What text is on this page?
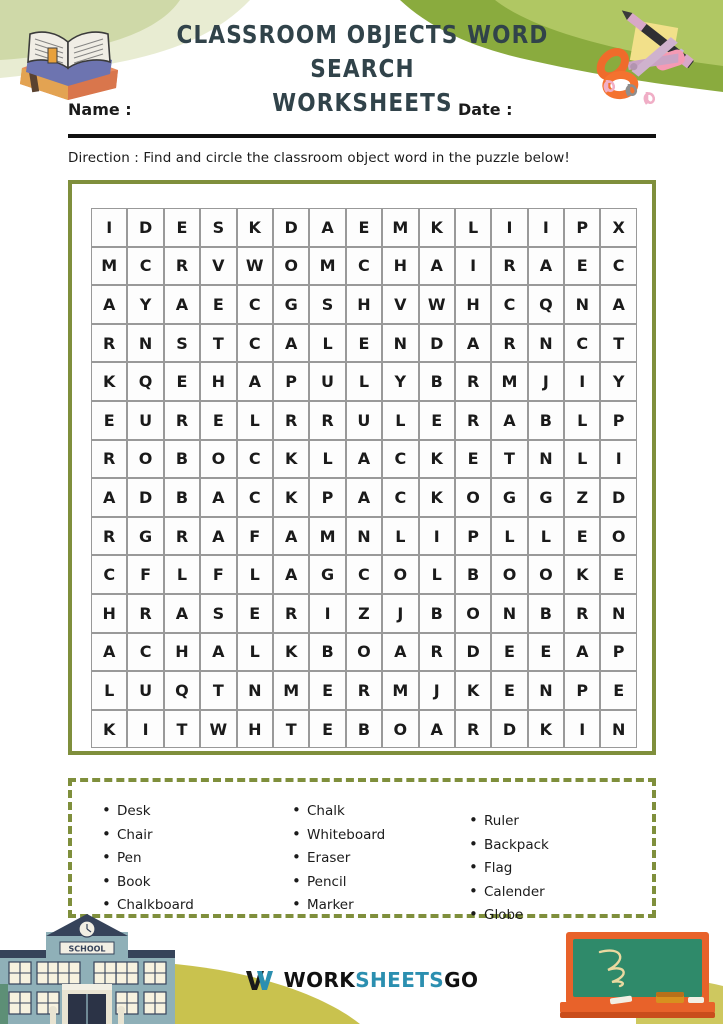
CLASSROOM OBJECTS WORD SEARCH
WORKSHEETS
Name :	Date :
Direction : Find and circle the classroom object word in the puzzle below!
I	D	E	S	K	D	A	E	M	K	L	I	I	P	X
M	C	R	V	W	O	M	C	H	A	I	R	A	E	C
A	Y	A	E	C	G	S	H	V	W	H	C	Q	N	A
R	N	S	T	C	A	L	E	N	D	A	R	N	C	T
K	Q	E	H	A	P	U	L	Y	B	R	M	J	I	Y
E	U	R	E	L	R	R	U	L	E	R	A	B	L	P
R	O	B	O	C	K	L	A	C	K	E	T	N	L	I
A	D	B	A	C	K	P	A	C	K	O	G	G	Z	D
R	G	R	A	F	A	M	N	L	I	P	L	L	E	O
C	F	L	F	L	A	G	C	O	L	B	O	O	K	E
H	R	A	S	E	R	I	Z	J	B	O	N	B	R	N
A	C	H	A	L	K	B	O	A	R	D	E	E	A	P
L	U	Q	T	N	M	E	R	M	J	K	E	N	P	E
K	I	T	W	H	T	E	B	O	A	R	D	K	I	N
• Desk
• Chair
• Pen
• Book
• Chalkboard
• Chalk
• Whiteboard
• Eraser
• Pencil
• Marker
• Ruler
• Backpack
• Flag
• Calender
• Globe
SCHOOL
WORKSHEETSGO
